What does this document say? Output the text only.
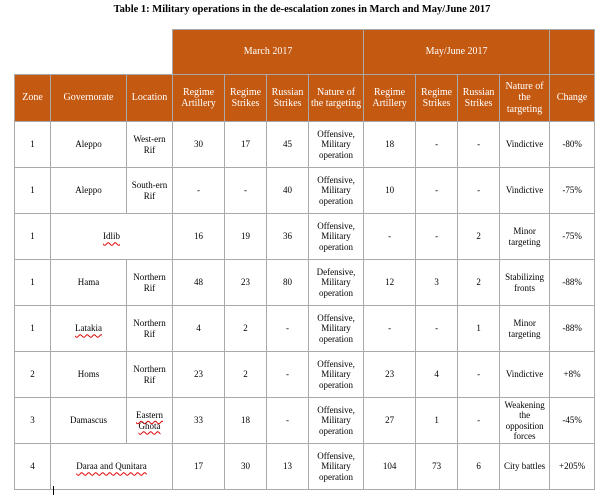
Table 1: Military operations in the de-escalation zones in March and May/June 2017
			March 2017				May/June 2017				
Zone	Governorate	Location	Regime Artillery	Regime Strikes	Russian Strikes	Nature of the targeting	Regime Artillery	Regime Strikes	Russian Strikes	Nature of the targeting	Change
1	Aleppo	West-ern Rif	30	17	45	Offensive, Military operation	18	-	-	Vindictive	-80%
1	Aleppo	South-ern Rif	-	-	40	Offensive, Military operation	10	-	-	Vindictive	-75%
1	Idlib		16	19	36	Offensive, Military operation	-	-	2	Minor targeting	-75%
1	Hama	Northern Rif	48	23	80	Defensive, Military operation	12	3	2	Stabilizing fronts	-88%
1	Latakia	Northern Rif	4	2	-	Offensive, Military operation	-	-	1	Minor targeting	-88%
2	Homs	Northern Rif	23	2	-	Offensive, Military operation	23	4	-	Vindictive	+8%
3	Damascus	Eastern Ghota	33	18	-	Offensive, Military operation	27	1	-	Weakening the opposition forces	-45%
4	Daraa and Qunitara		17	30	13	Offensive, Military operation	104	73	6	City battles	+205%
